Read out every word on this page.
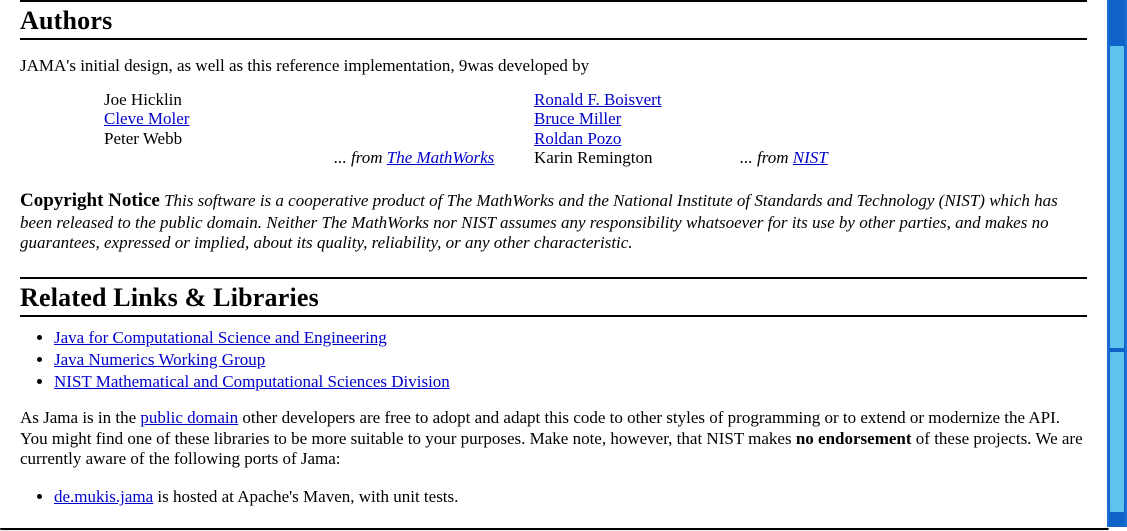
Authors

JAMA's initial design, as well as this reference implementation, 9was developed by

Joe Hicklin		Ronald F. Boisvert	
Cleve Moler		Bruce Miller	
Peter Webb		Roldan Pozo	
	... from The MathWorks	Karin Remington	... from NIST

Copyright Notice This software is a cooperative product of The MathWorks and the National Institute of Standards and Technology (NIST) which has been released to the public domain. Neither The MathWorks nor NIST assumes any responsibility whatsoever for its use by other parties, and makes no guarantees, expressed or implied, about its quality, reliability, or any other characteristic.

Related Links & Libraries
• Java for Computational Science and Engineering
• Java Numerics Working Group
• NIST Mathematical and Computational Sciences Division

As Jama is in the public domain other developers are free to adopt and adapt this code to other styles of programming or to extend or modernize the API. You might find one of these libraries to be more suitable to your purposes. Make note, however, that NIST makes no endorsement of these projects. We are currently aware of the following ports of Jama:

• de.mukis.jama is hosted at Apache's Maven, with unit tests.
